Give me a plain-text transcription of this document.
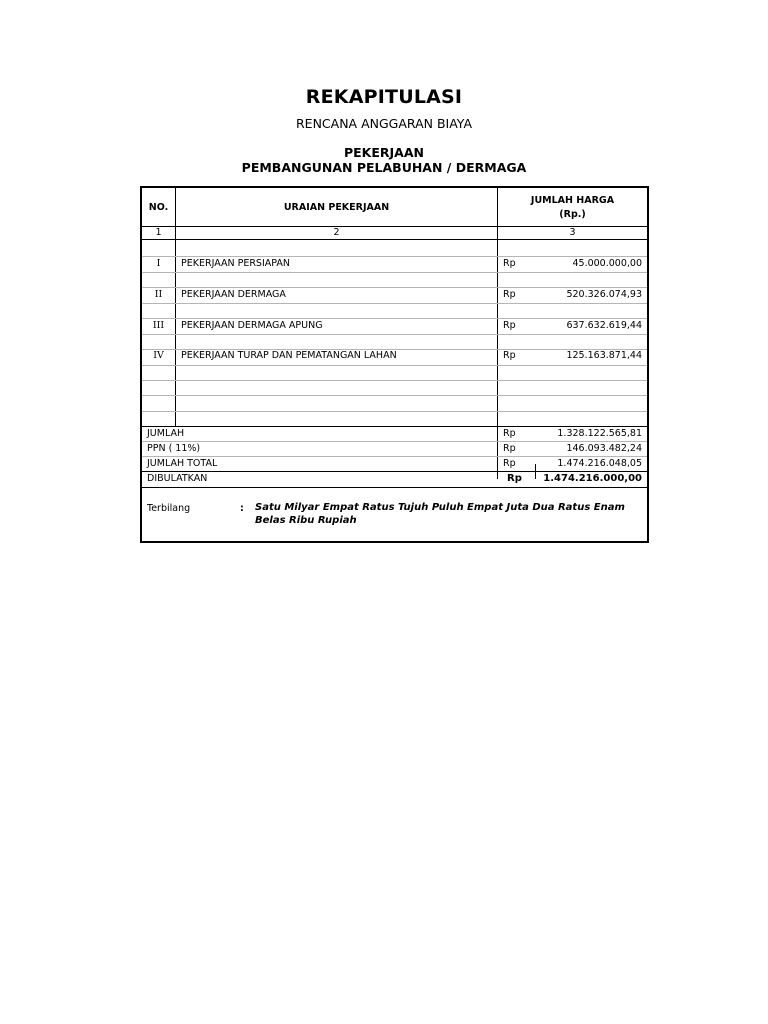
REKAPITULASI
RENCANA ANGGARAN BIAYA
PEKERJAAN
PEMBANGUNAN PELABUHAN / DERMAGA
NO.	URAIAN PEKERJAAN
JUMLAH HARGA
(Rp.)
1	2	3
I	PEKERJAAN PERSIAPAN	Rp	45.000.000,00
II	PEKERJAAN DERMAGA	Rp	520.326.074,93
III	PEKERJAAN DERMAGA APUNG	Rp	637.632.619,44
IV	PEKERJAAN TURAP DAN PEMATANGAN LAHAN	Rp	125.163.871,44
JUMLAH	Rp	1.328.122.565,81
PPN ( 11%)	Rp	146.093.482,24
JUMLAH TOTAL	Rp	1.474.216.048,05
DIBULATKAN	Rp	1.474.216.000,00
Terbilang	: Satu Milyar Empat Ratus Tujuh Puluh Empat Juta Dua Ratus Enam Belas Ribu Rupiah
